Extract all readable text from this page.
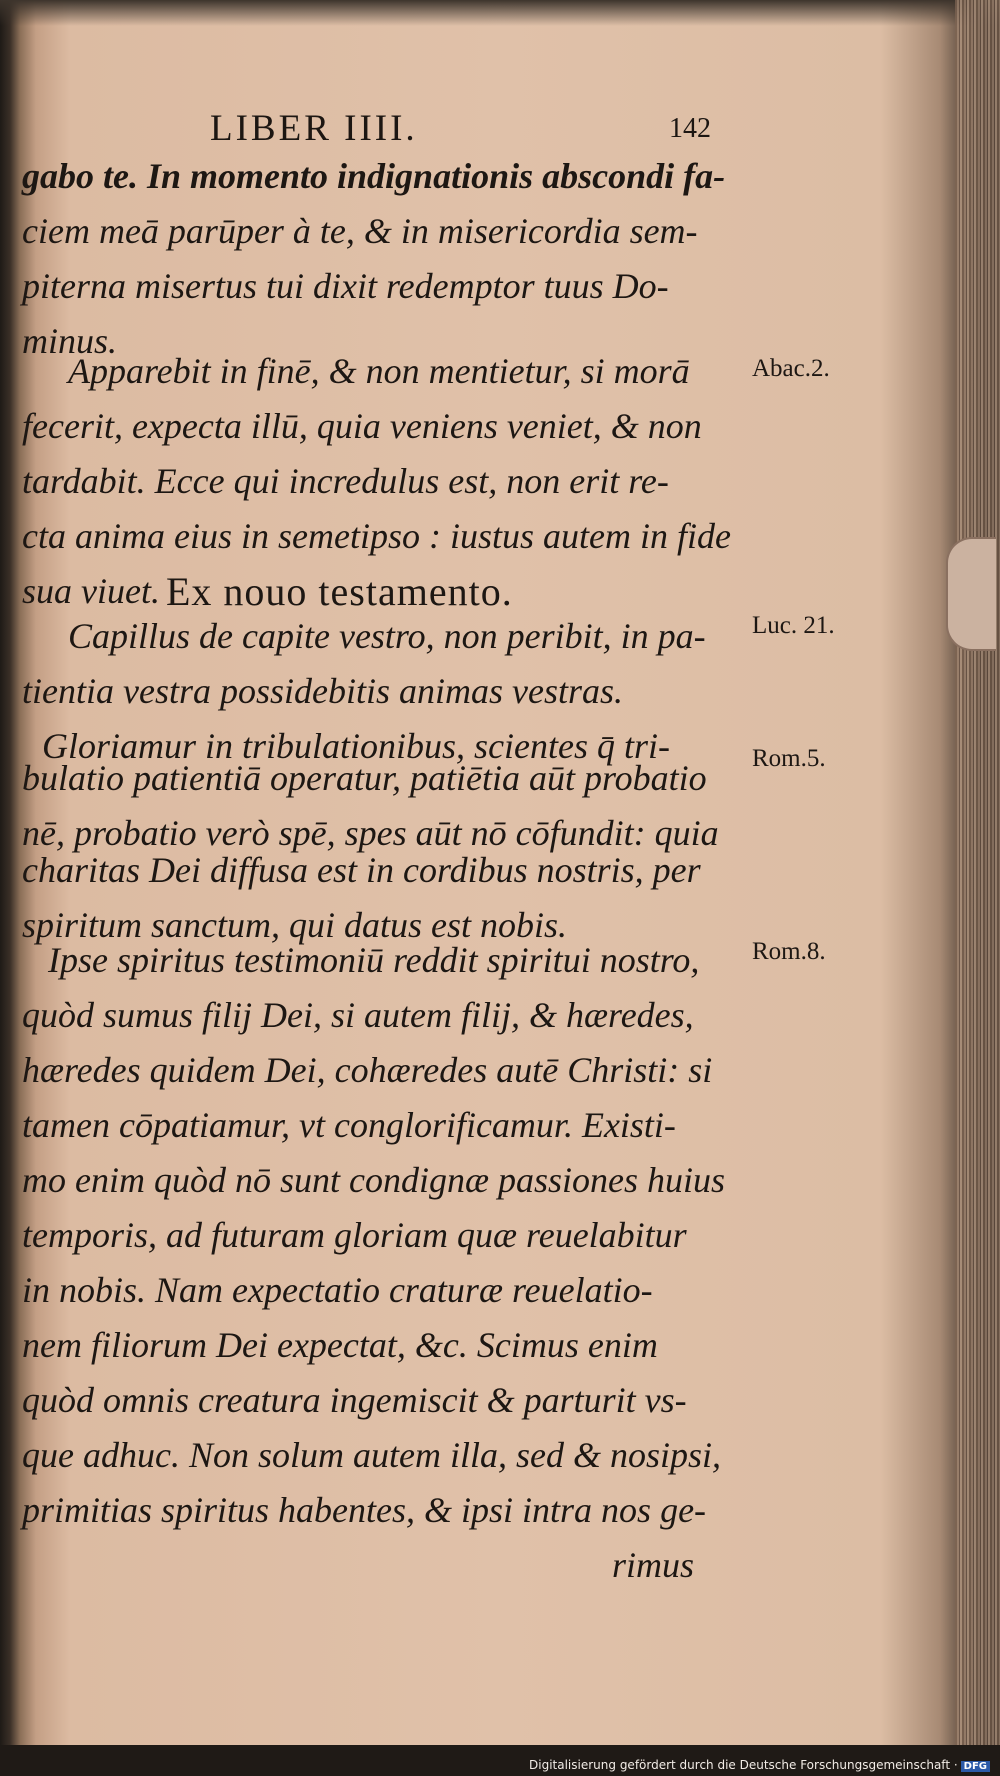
LIBER IIII.	142
gabo te. In momento indignationis abscondi fa-
ciem meā parūper à te, & in misericordia sem-
piterna misertus tui dixit redemptor tuus Do-
minus.
Apparebit in finē, & non mentietur, si morā
fecerit, expecta illū, quia veniens veniet, & non
tardabit. Ecce qui incredulus est, non erit re-
cta anima eius in semetipso : iustus autem in fide
sua viuet. Ex nouo testamento.
Capillus de capite vestro, non peribit, in pa-
tientia vestra possidebitis animas vestras.
Gloriamur in tribulationibus, scientes q̄ tri-
bulatio patientiā operatur, patiētia aūt probatio
nē, probatio verò spē, spes aūt nō cōfundit: quia
charitas Dei diffusa est in cordibus nostris, per
spiritum sanctum, qui datus est nobis.
Ipse spiritus testimoniū reddit spiritui nostro,
quòd sumus filij Dei, si autem filij, & hæredes,
hæredes quidem Dei, cohæredes autē Christi: si
tamen cōpatiamur, vt conglorificamur. Existi-
mo enim quòd nō sunt condignæ passiones huius
temporis, ad futuram gloriam quæ reuelabitur
in nobis. Nam expectatio craturæ reuelatio-
nem filiorum Dei expectat, &c. Scimus enim
quòd omnis creatura ingemiscit & parturit vs-
que adhuc. Non solum autem illa, sed & nosipsi,
primitias spiritus habentes, & ipsi intra nos ge-
rimus
Abac.2.
Luc. 21.
Rom.5.
Rom.8.
Digitalisierung gefördert durch die Deutsche Forschungsgemeinschaft · DFG
